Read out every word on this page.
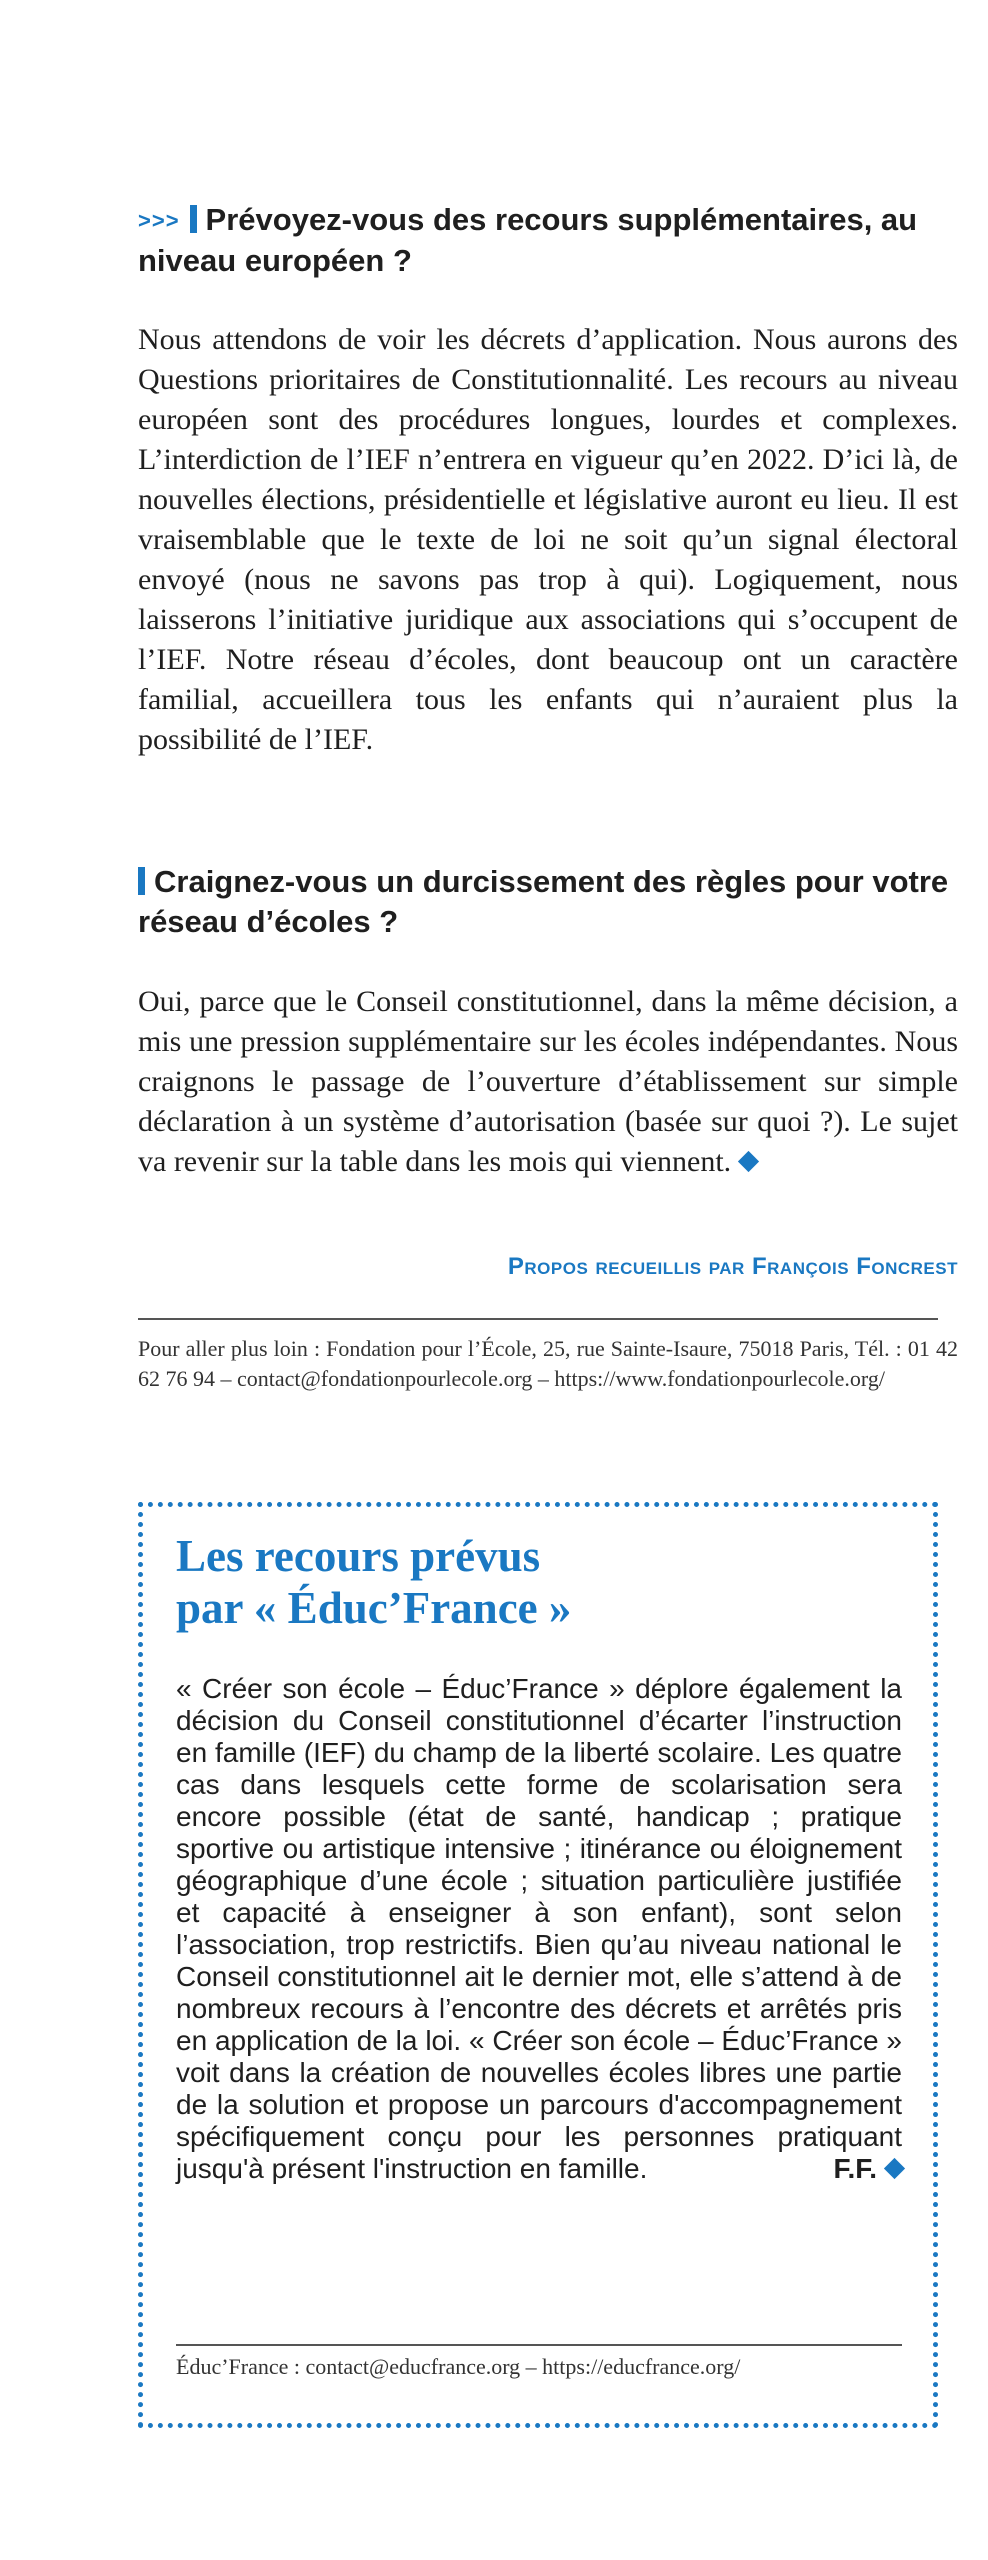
>>> Prévoyez-vous des recours supplémentaires, au niveau européen ?

Nous attendons de voir les décrets d’application. Nous aurons des Questions prioritaires de Constitutionnalité. Les recours au niveau européen sont des procédures longues, lourdes et complexes. L’interdiction de l’IEF n’entrera en vigueur qu’en 2022. D’ici là, de nouvelles élections, présidentielle et législative auront eu lieu. Il est vraisemblable que le texte de loi ne soit qu’un signal électoral envoyé (nous ne savons pas trop à qui). Logiquement, nous laisserons l’initiative juridique aux associations qui s’occupent de l’IEF. Notre réseau d’écoles, dont beaucoup ont un caractère familial, accueillera tous les enfants qui n’auraient plus la possibilité de l’IEF.

Craignez-vous un durcissement des règles pour votre réseau d’écoles ?

Oui, parce que le Conseil constitutionnel, dans la même décision, a mis une pression supplémentaire sur les écoles indépendantes. Nous craignons le passage de l’ouverture d’établissement sur simple déclaration à un système d’autorisation (basée sur quoi ?). Le sujet va revenir sur la table dans les mois qui viennent.

Propos recueillis par François Foncrest

Pour aller plus loin : Fondation pour l’École, 25, rue Sainte-Isaure, 75018 Paris, Tél. : 01 42 62 76 94 – contact@fondationpourlecole.org – https://www.fondationpourlecole.org/

Les recours prévus
par « Éduc’France »

« Créer son école – Éduc’France » déplore également la décision du Conseil constitutionnel d’écarter l’instruction en famille (IEF) du champ de la liberté scolaire. Les quatre cas dans lesquels cette forme de scolarisation sera encore possible (état de santé, handicap ; pratique sportive ou artistique intensive ; itinérance ou éloignement géographique d’une école ; situation particulière justifiée et capacité à enseigner à son enfant), sont selon l’association, trop restrictifs. Bien qu’au niveau national le Conseil constitutionnel ait le dernier mot, elle s’attend à de nombreux recours à l’encontre des décrets et arrêtés pris en application de la loi. « Créer son école – Éduc’France » voit dans la création de nouvelles écoles libres une partie de la solution et propose un parcours d'accompagnement spécifiquement conçu pour les personnes pratiquant jusqu'à présent l'instruction en famille.	F.F.

Éduc’France : contact@educfrance.org – https://educfrance.org/
